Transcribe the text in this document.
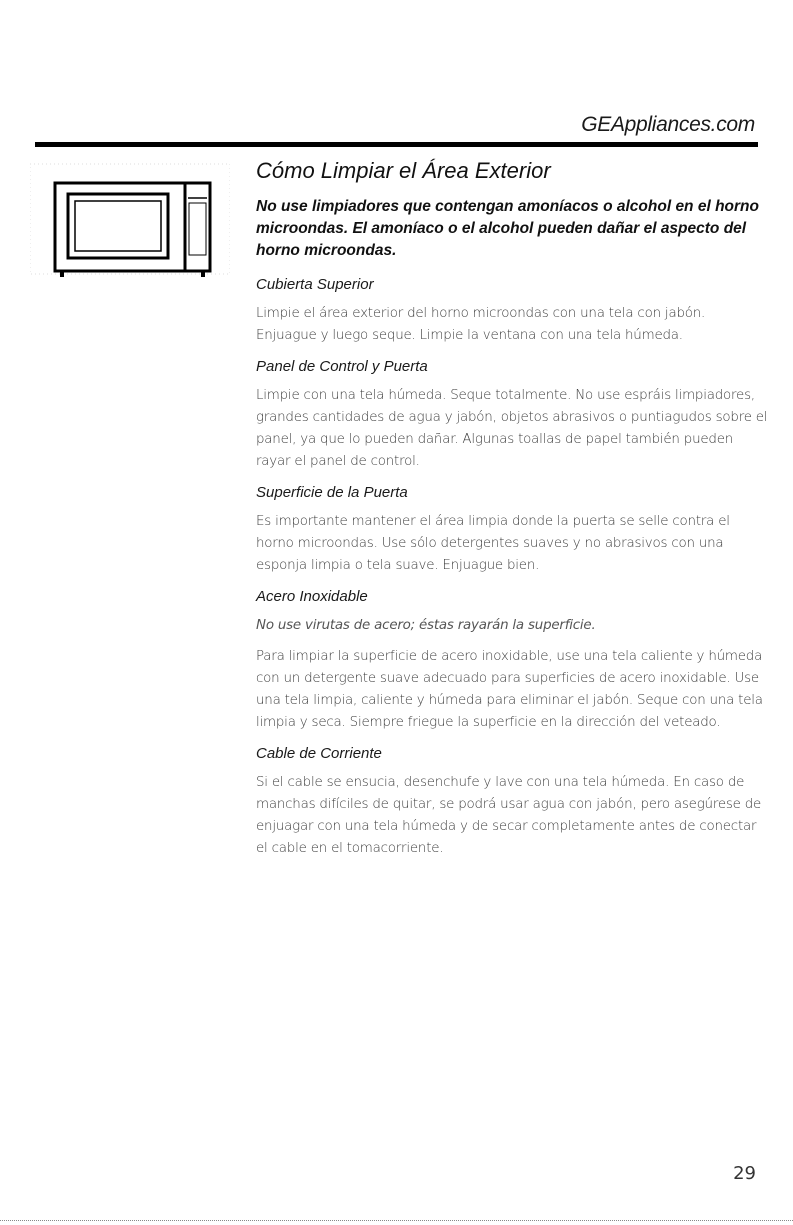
GEAppliances.com
Cómo Limpiar el Área Exterior

No use limpiadores que contengan amoníacos o alcohol en el horno microondas. El amoníaco o el alcohol pueden dañar el aspecto del horno microondas.

Cubierta Superior

Limpie el área exterior del horno microondas con una tela con jabón. Enjuague y luego seque. Limpie la ventana con una tela húmeda.

Panel de Control y Puerta

Limpie con una tela húmeda. Seque totalmente. No use espráis limpiadores, grandes cantidades de agua y jabón, objetos abrasivos o puntiagudos sobre el panel, ya que lo pueden dañar. Algunas toallas de papel también pueden rayar el panel de control.

Superficie de la Puerta

Es importante mantener el área limpia donde la puerta se selle contra el horno microondas. Use sólo detergentes suaves y no abrasivos con una esponja limpia o tela suave. Enjuague bien.

Acero Inoxidable

No use virutas de acero; éstas rayarán la superficie.

Para limpiar la superficie de acero inoxidable, use una tela caliente y húmeda con un detergente suave adecuado para superficies de acero inoxidable. Use una tela limpia, caliente y húmeda para eliminar el jabón. Seque con una tela limpia y seca. Siempre friegue la superficie en la dirección del veteado.

Cable de Corriente

Si el cable se ensucia, desenchufe y lave con una tela húmeda. En caso de manchas difíciles de quitar, se podrá usar agua con jabón, pero asegúrese de enjuagar con una tela húmeda y de secar completamente antes de conectar el cable en el tomacorriente.

29
